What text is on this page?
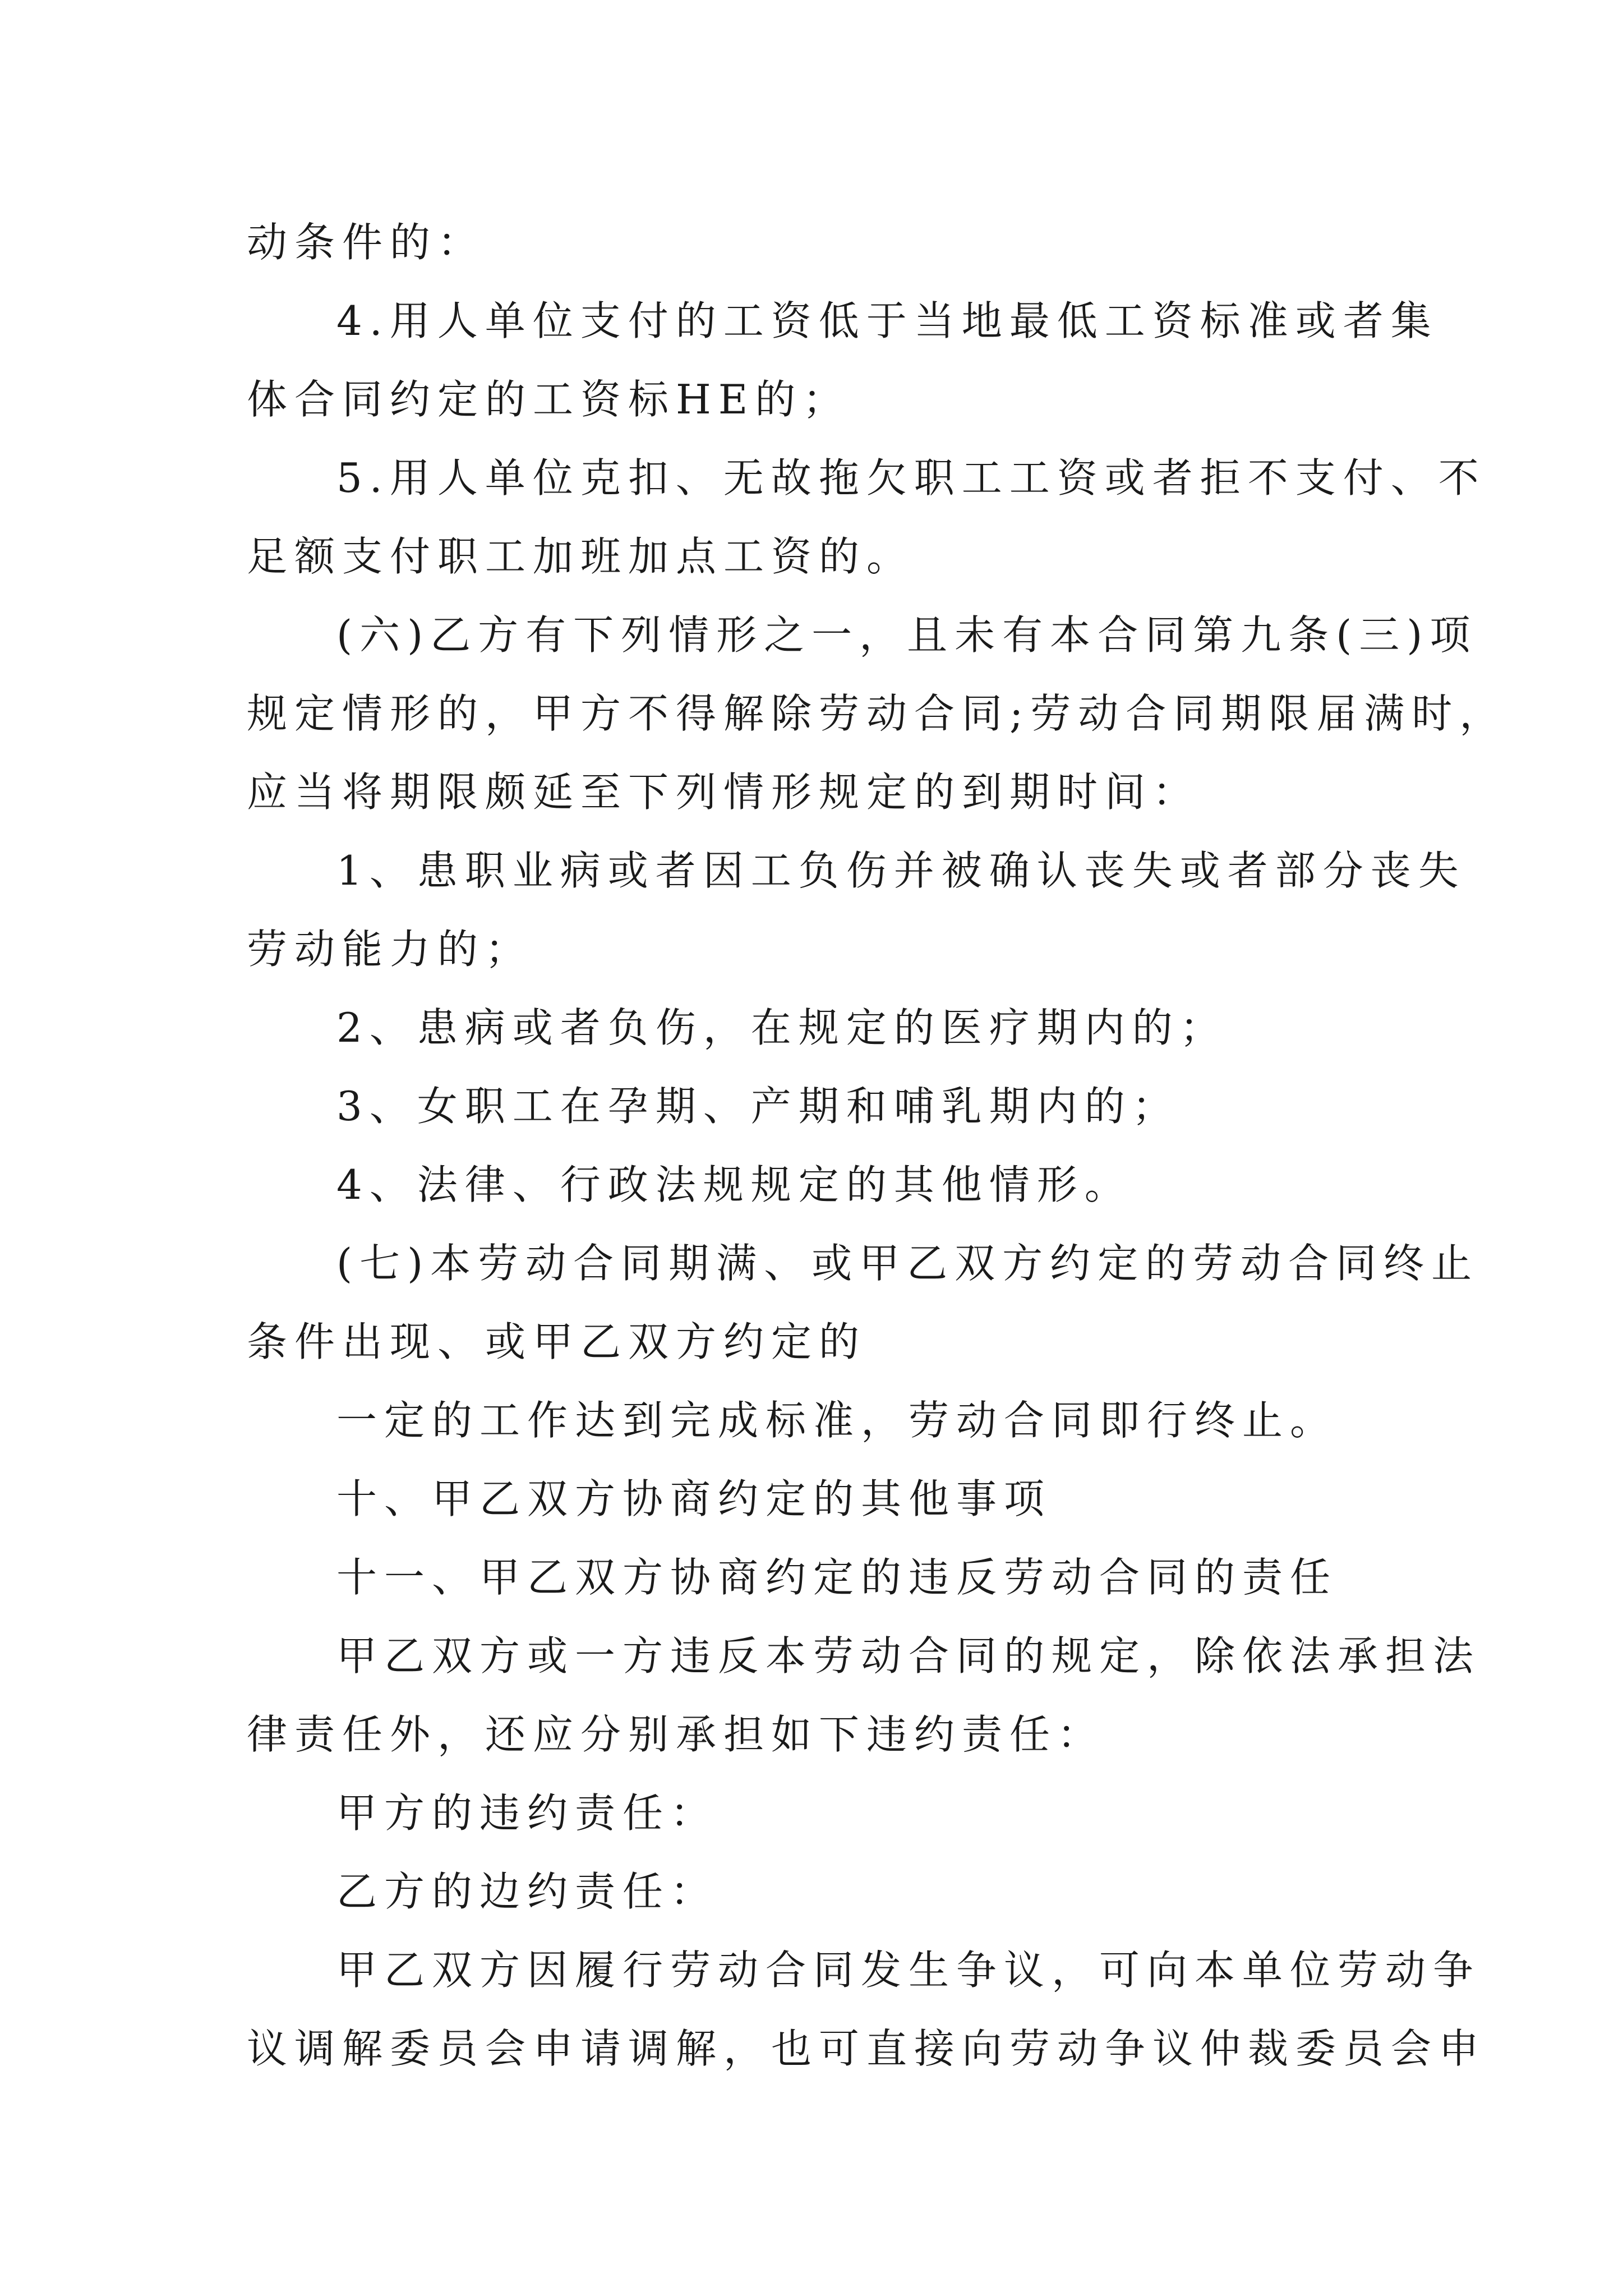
动条件的：
4.用人单位支付的工资低于当地最低工资标准或者集
体合同约定的工资标HE的；
5.用人单位克扣、无故拖欠职工工资或者拒不支付、不
足额支付职工加班加点工资的。
(六)乙方有下列情形之一，且未有本合同第九条(三)项
规定情形的，甲方不得解除劳动合同;劳动合同期限届满时，
应当将期限颇延至下列情形规定的到期时间：
1、患职业病或者因工负伤并被确认丧失或者部分丧失
劳动能力的；
2、患病或者负伤，在规定的医疗期内的；
3、女职工在孕期、产期和哺乳期内的；
4、法律、行政法规规定的其他情形。
(七)本劳动合同期满、或甲乙双方约定的劳动合同终止
条件出现、或甲乙双方约定的
一定的工作达到完成标准，劳动合同即行终止。
十、甲乙双方协商约定的其他事项
十一、甲乙双方协商约定的违反劳动合同的责任
甲乙双方或一方违反本劳动合同的规定，除依法承担法
律责任外，还应分别承担如下违约责任：
甲方的违约责任：
乙方的边约责任：
甲乙双方因履行劳动合同发生争议，可向本单位劳动争
议调解委员会申请调解，也可直接向劳动争议仲裁委员会申
